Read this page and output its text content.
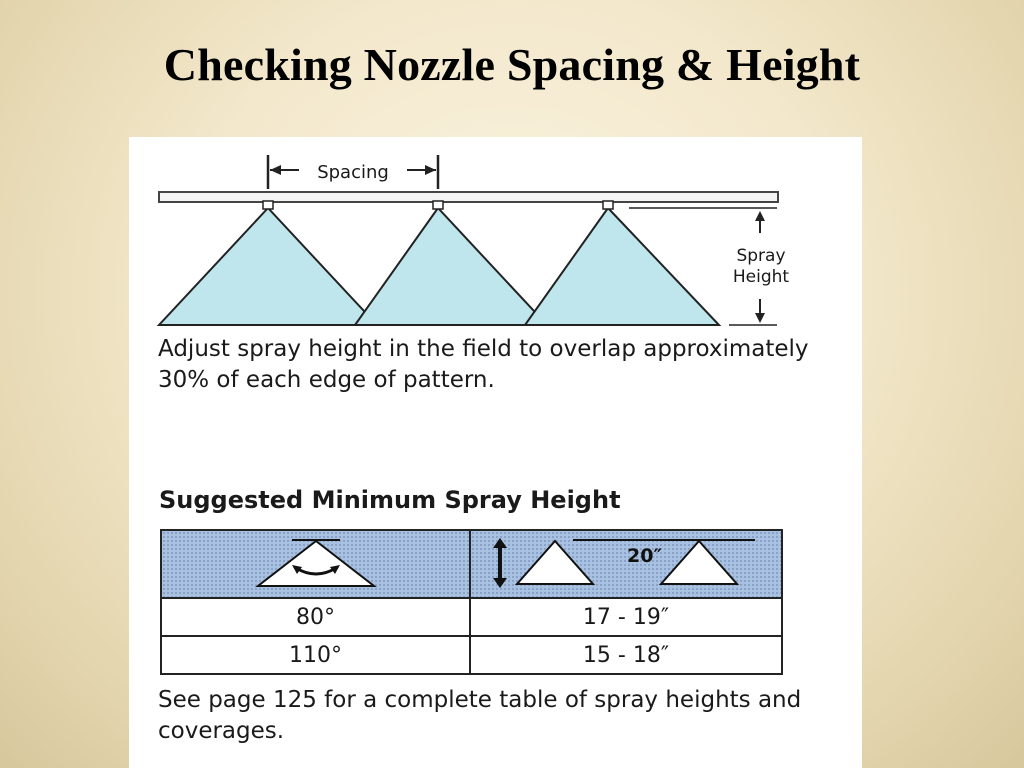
Checking Nozzle Spacing & Height
Spacing
Spray
Height

Adjust spray height in the field to overlap approximately 30% of each edge of pattern.

Suggested Minimum Spray Height

20″

80°	17 - 19″
110°	15 - 18″

See page 125 for a complete table of spray heights and coverages.
